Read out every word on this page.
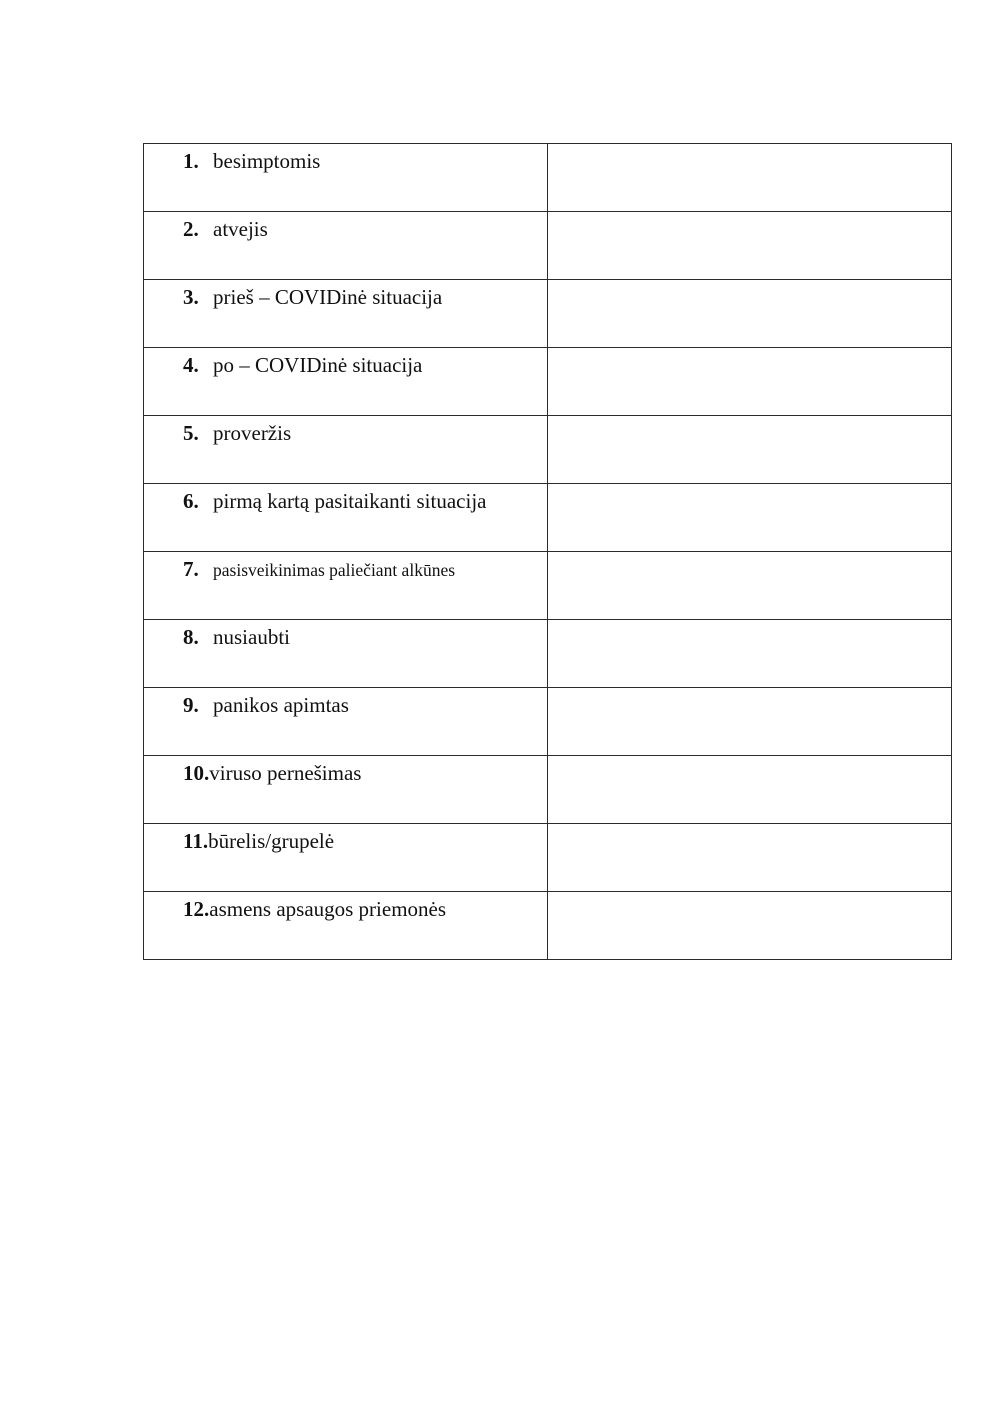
1. besimptomis	

2. atvejis	

3. prieš – COVIDinė situacija	

4. po – COVIDinė situacija	

5. proveržis	

6. pirmą kartą pasitaikanti situacija	

7. pasisveikinimas paliečiant alkūnes	

8. nusiaubti	

9. panikos apimtas	

10.viruso pernešimas	

11.būrelis/grupelė	

12.asmens apsaugos priemonės	
